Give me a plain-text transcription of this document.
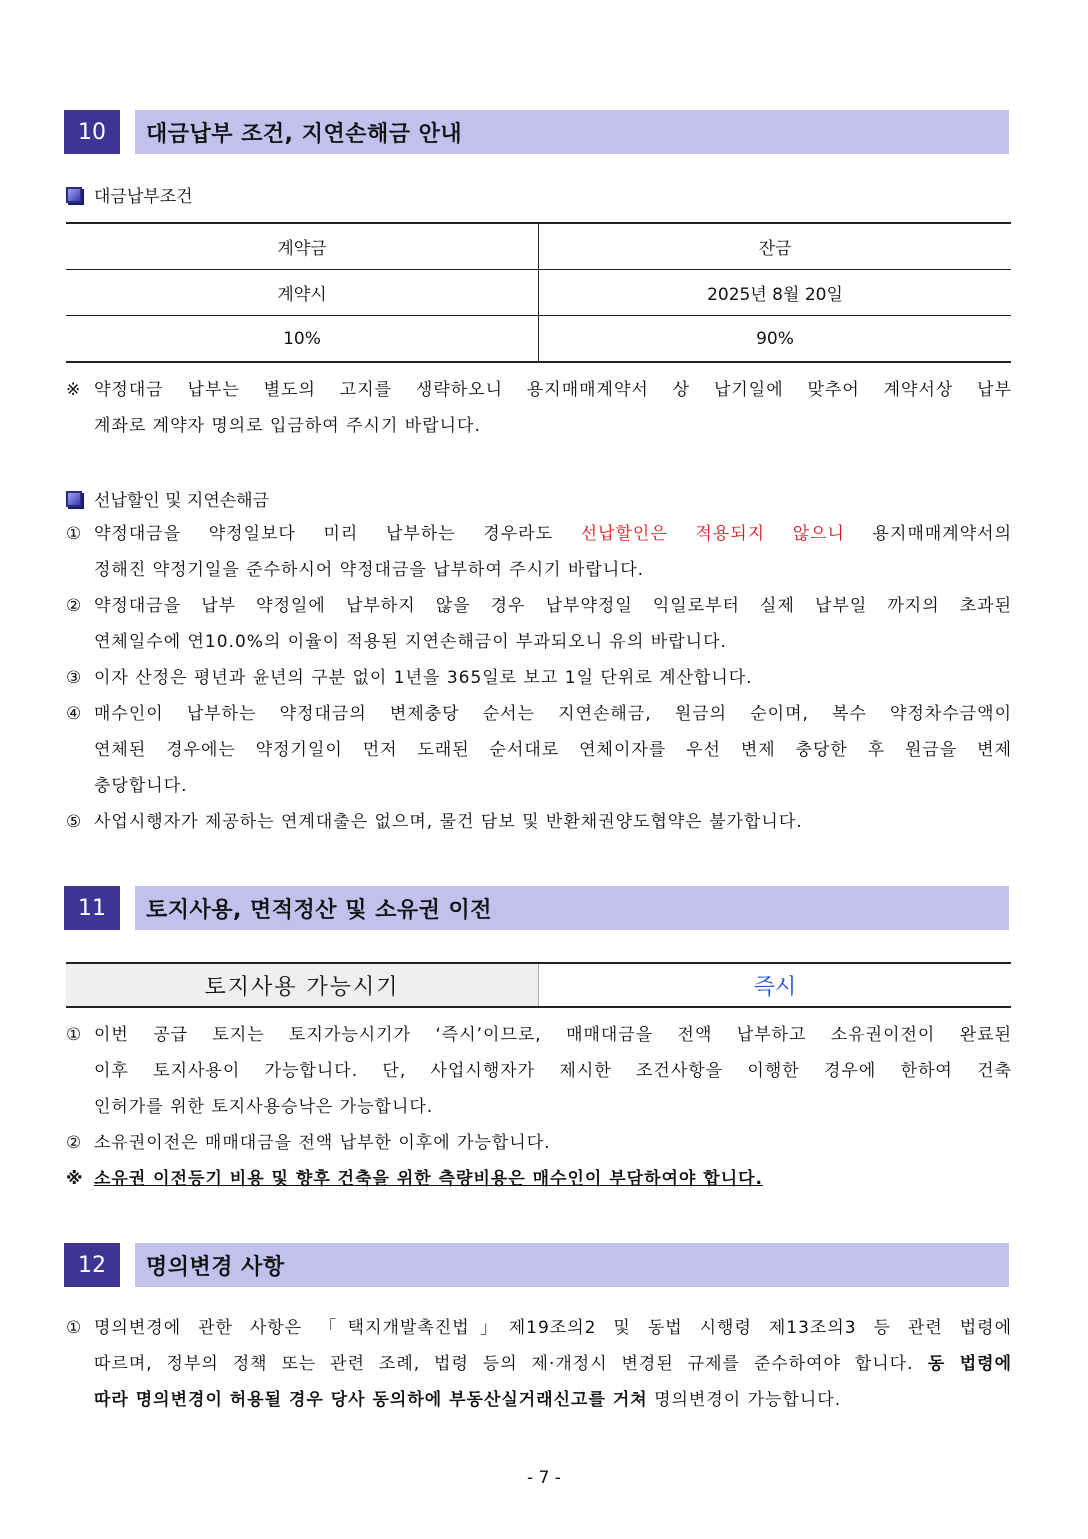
10	대금납부 조건, 지연손해금 안내
대금납부조건
계약금	잔금
계약시	2025년 8월 20일
10%	90%
※ 약정대금 납부는 별도의 고지를 생략하오니 용지매매계약서 상 납기일에 맞추어 계약서상 납부
계좌로 계약자 명의로 입금하여 주시기 바랍니다.
선납할인 및 지연손해금
① 약정대금을 약정일보다 미리 납부하는 경우라도 선납할인은 적용되지 않으니 용지매매계약서의
정해진 약정기일을 준수하시어 약정대금을 납부하여 주시기 바랍니다.
② 약정대금을 납부 약정일에 납부하지 않을 경우 납부약정일 익일로부터 실제 납부일 까지의 초과된
연체일수에 연10.0%의 이율이 적용된 지연손해금이 부과되오니 유의 바랍니다.
③ 이자 산정은 평년과 윤년의 구분 없이 1년을 365일로 보고 1일 단위로 계산합니다.
④ 매수인이 납부하는 약정대금의 변제충당 순서는 지연손해금, 원금의 순이며, 복수 약정차수금액이
연체된 경우에는 약정기일이 먼저 도래된 순서대로 연체이자를 우선 변제 충당한 후 원금을 변제
충당합니다.
⑤ 사업시행자가 제공하는 연계대출은 없으며, 물건 담보 및 반환채권양도협약은 불가합니다.
11	토지사용, 면적정산 및 소유권 이전
토지사용 가능시기	즉시
① 이번 공급 토지는 토지가능시기가 ‘즉시’이므로, 매매대금을 전액 납부하고 소유권이전이 완료된
이후 토지사용이 가능합니다. 단, 사업시행자가 제시한 조건사항을 이행한 경우에 한하여 건축
인허가를 위한 토지사용승낙은 가능합니다.
② 소유권이전은 매매대금을 전액 납부한 이후에 가능합니다.
※ 소유권 이전등기 비용 및 향후 건축을 위한 측량비용은 매수인이 부담하여야 합니다.
12	명의변경 사항
① 명의변경에 관한 사항은 「택지개발촉진법」제19조의2 및 동법 시행령 제13조의3 등 관련 법령에
따르며, 정부의 정책 또는 관련 조례, 법령 등의 제·개정시 변경된 규제를 준수하여야 합니다. 동 법령에
따라 명의변경이 허용될 경우 당사 동의하에 부동산실거래신고를 거쳐 명의변경이 가능합니다.
- 7 -
